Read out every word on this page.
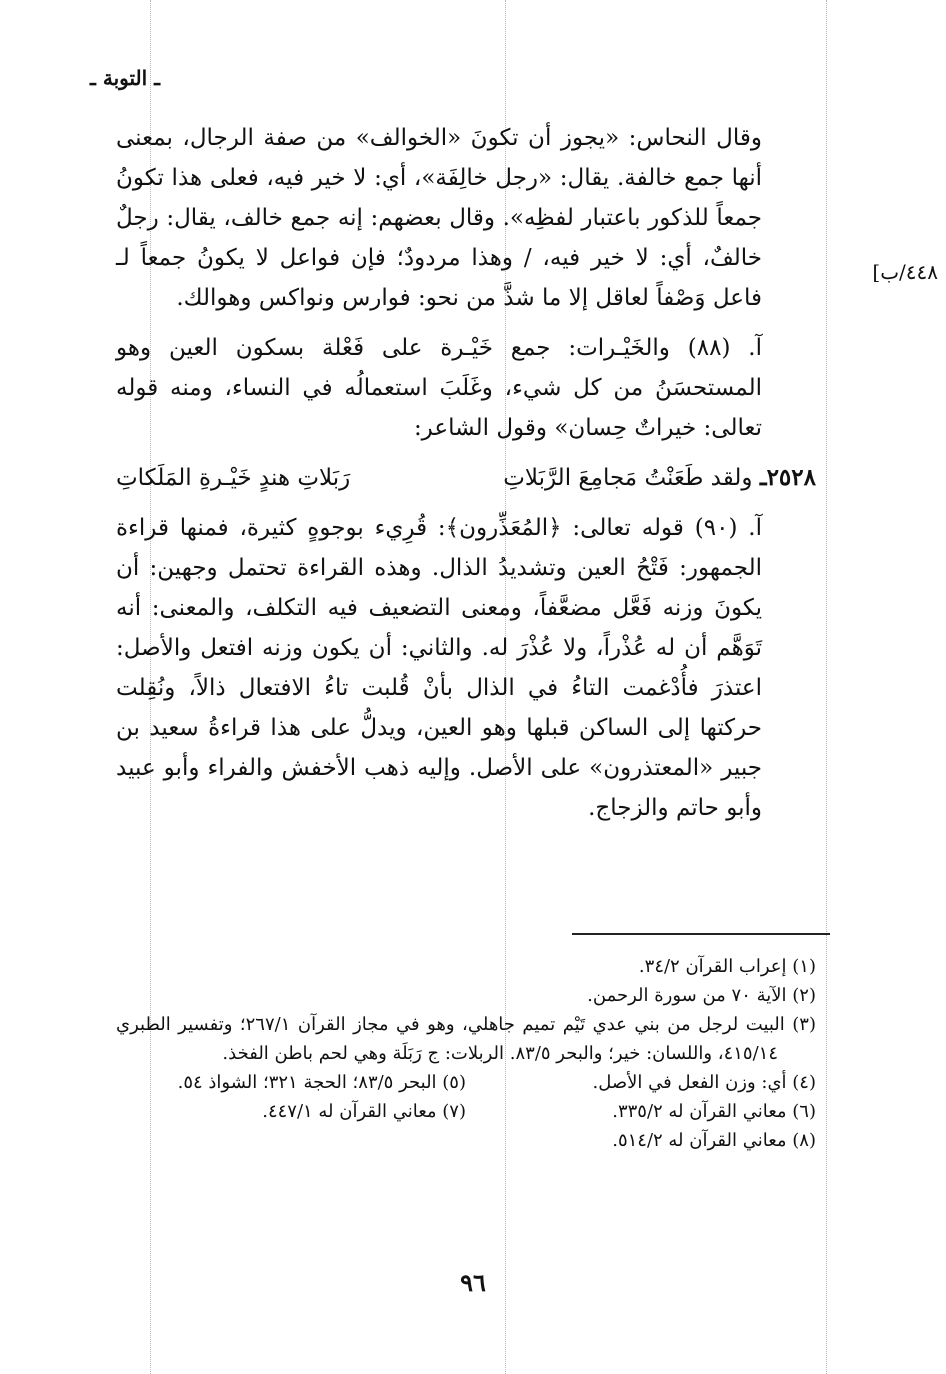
ـ التوبة ـ
٤٤٨/ب]

وقال النحاس: «يجوز أن تكونَ «الخوالف» من صفة الرجال، بمعنى أنها جمع خالفة. يقال: «رجل خالِفَة»، أي: لا خير فيه، فعلى هذا تكونُ جمعاً للذكور باعتبار لفظِه». وقال بعضهم: إنه جمع خالف، يقال: رجلٌ خالفٌ، أي: لا خير فيه، / وهذا مردودٌ؛ فإن فواعل لا يكونُ جمعاً لـ فاعل وَصْفاً لعاقل إلا ما شذَّ من نحو: فوارس ونواكس وهوالك.

آ. (٨٨) والخَيْـرات: جمع خَيْـرة على فَعْلة بسكون العين وهو المستحسَنُ من كل شيء، وغَلَبَ استعمالُه في النساء، ومنه قوله تعالى: خيراتٌ حِسان» وقول الشاعر:

٢٥٢٨ـ ولقد طَعَنْتُ مَجامِعَ الرَّبَلاتِ
رَبَلاتِ هندٍ خَيْـرةِ المَلَكاتِ

آ. (٩٠) قوله تعالى: ﴿المُعَذِّرون﴾: قُرِيء بوجوهٍ كثيرة، فمنها قراءة الجمهور: فَتْحُ العين وتشديدُ الذال. وهذه القراءة تحتمل وجهين: أن يكونَ وزنه فَعَّل مضعَّفاً، ومعنى التضعيف فيه التكلف، والمعنى: أنه تَوَهَّم أن له عُذْراً، ولا عُذْرَ له. والثاني: أن يكون وزنه افتعل والأصل: اعتذرَ فأُدْغمت التاءُ في الذال بأنْ قُلبت تاءُ الافتعال ذالاً، ونُقِلت حركتها إلى الساكن قبلها وهو العين، ويدلُّ على هذا قراءةُ سعيد بن جبير «المعتذرون» على الأصل. وإليه ذهب الأخفش والفراء وأبو عبيد وأبو حاتم والزجاج.

(١) إعراب القرآن ٣٤/٢.

(٢) الآية ٧٠ من سورة الرحمن.

(٣) البيت لرجل من بني عدي تَيْم تميم جاهلي، وهو في مجاز القرآن ٢٦٧/١؛ وتفسير الطبري ٤١٥/١٤، واللسان: خير؛ والبحر ٨٣/٥. الربلات: ج رَبَلَة وهي لحم باطن الفخذ.

(٤) أي: وزن الفعل في الأصل.

(٦) معاني القرآن له ٣٣٥/٢.

(٨) معاني القرآن له ٥١٤/٢.

(٥) البحر ٨٣/٥؛ الحجة ٣٢١؛ الشواذ ٥٤.

(٧) معاني القرآن له ٤٤٧/١.

٩٦
